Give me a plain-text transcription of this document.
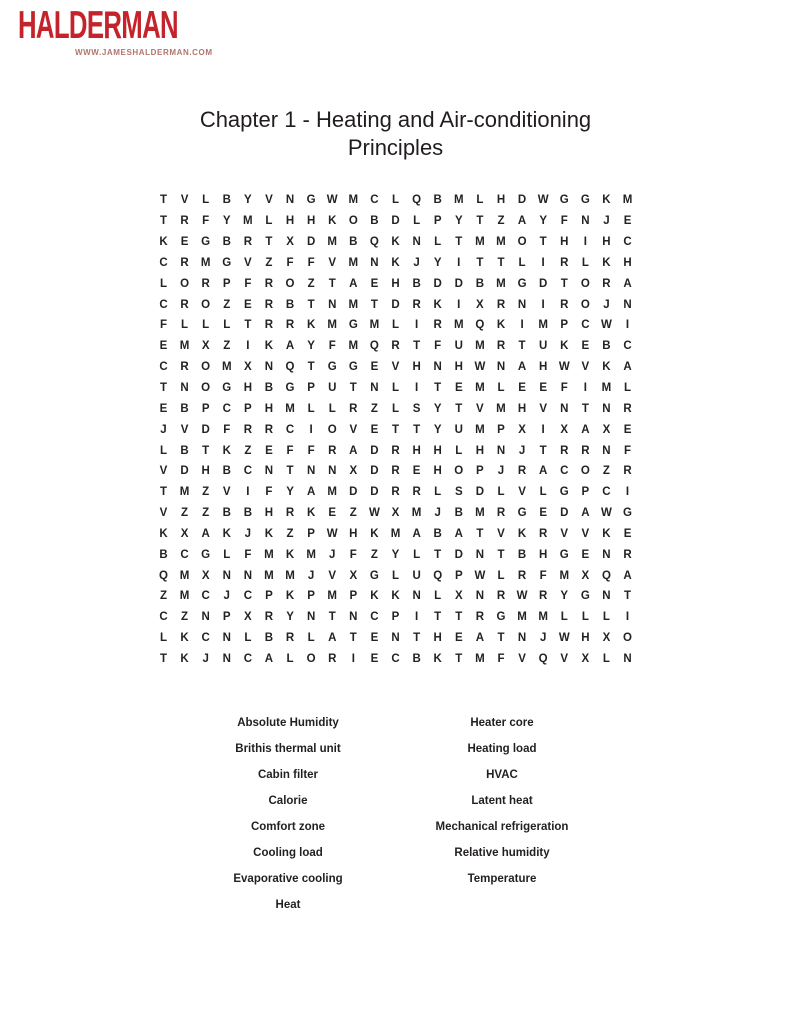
HALDERMAN
WWW.JAMESHALDERMAN.COM
Chapter 1 - Heating and Air-conditioning
Principles
T	V	L	B	Y	V	N	G W M	C	L	Q	B	M	L	H	D	W G	G	K	M
T	R	F	Y	M	L	H	H	K	O	B	D	L	P	Y	T	Z	A	Y	F	N	J	E
K	E	G	B	R	T	X	D	M	B	Q	K	N	L	T	M	M	O	T	H	I	H	C
C	R	M	G	V	Z	F	F	V	M	N	K	J	Y	I	T	T	L	I	R	L	K	H
L	O	R	P	F	R	O	Z	T	A	E	H	B	D	D	B	M	G	D	T	O	R	A
C	R	O	Z	E	R	B	T	N	M	T	D	R	K	I	X	R	N	I	R	O	J	N
F	L	L	L	T	R	R	K	M	G	M	L	I	R	M	Q	K	I	M	P	C	W	I
E	M	X	Z	I	K	A	Y	F	M	Q	R	T	F	U	M	R	T	U	K	E	B	C
C	R	O	M	X	N	Q	T	G	G	E	V	H	N	H	W	N	A	H	W	V	K	A
T	N	O	G	H	B	G	P	U	T	N	L	I	T	E	M	L	E	E	F	I	M	L
E	B	P	C	P	H	M	L	L	R	Z	L	S	Y	T	V	M	H	V	N	T	N	R
J	V	D	F	R	R	C	I	O	V	E	T	T	Y	U	M	P	X	I	X	A	X	E
L	B	T	K	Z	E	F	F	R	A	D	R	H	H	L	H	N	J	T	R	R	N	F
V	D	H	B	C	N	T	N	N	X	D	R	E	H	O	P	J	R	A	C	O	Z	R
T	M	Z	V	I	F	Y	A	M	D	D	R	R	L	S	D	L	V	L	G	P	C	I
V	Z	Z	B	B	H	R	K	E	Z	W	X	M	J	B	M	R	G	E	D	A	W G
K	X	A	K	J	K	Z	P	W	H	K	M	A	B	A	T	V	K	R	V	V	K	E
B	C	G	L	F	M	K	M	J	F	Z	Y	L	T	D	N	T	B	H	G	E	N	R
Q	M	X	N	N	M	M	J	V	X	G	L	U	Q	P	W	L	R	F	M	X	Q	A
Z	M	C	J	C	P	K	P	M	P	K	K	N	L	X	N	R	W	R	Y	G	N	T
C	Z	N	P	X	R	Y	N	T	N	C	P	I	T	T	R	G	M	M	L	L	L	I
L	K	C	N	L	B	R	L	A	T	E	N	T	H	E	A	T	N	J	W	H	X	O
T	K	J	N	C	A	L	O	R	I	E	C	B	K	T	M	F	V	Q	V	X	L	N
Absolute Humidity
Brithis thermal unit
Cabin filter
Calorie
Comfort zone
Cooling load
Evaporative cooling
Heat
Heater core
Heating load
HVAC
Latent heat
Mechanical refrigeration
Relative humidity
Temperature
